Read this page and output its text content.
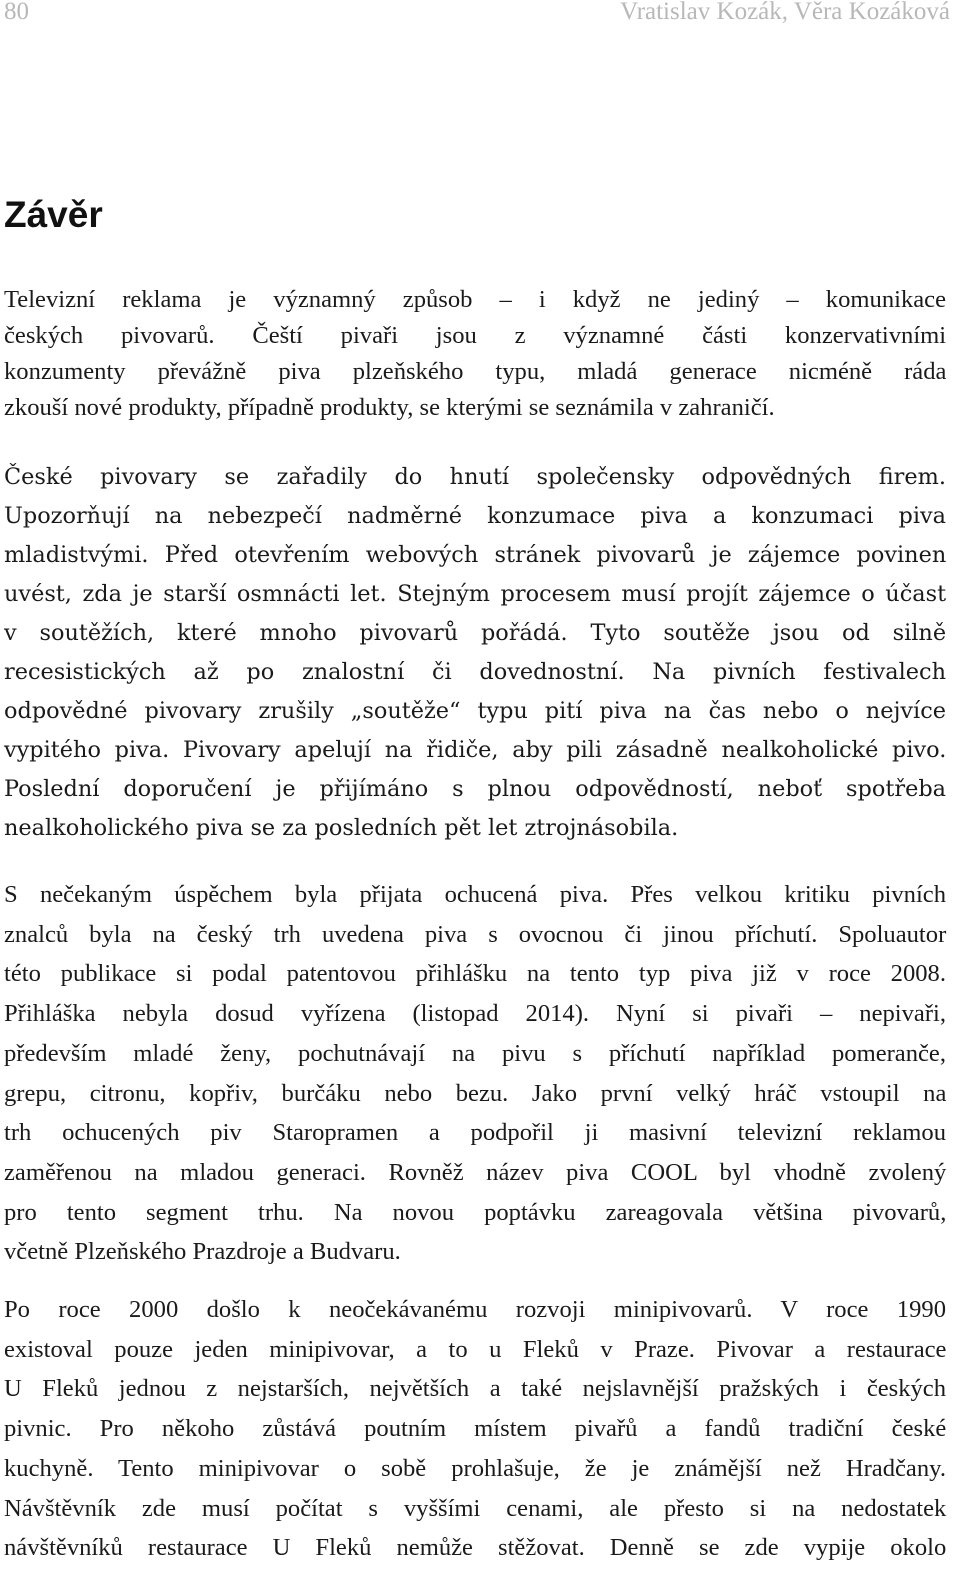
80	Vratislav Kozák, Věra Kozáková
Závěr

Televizní reklama je významný způsob – i když ne jediný – komunikace
českých pivovarů. Čeští pivaři jsou z významné části konzervativními
konzumenty převážně piva plzeňského typu, mladá generace nicméně ráda
zkouší nové produkty, případně produkty, se kterými se seznámila v zahraničí.

České pivovary se zařadily do hnutí společensky odpovědných firem.
Upozorňují na nebezpečí nadměrné konzumace piva a konzumaci piva
mladistvými. Před otevřením webových stránek pivovarů je zájemce povinen
uvést, zda je starší osmnácti let. Stejným procesem musí projít zájemce o účast
v soutěžích, které mnoho pivovarů pořádá. Tyto soutěže jsou od silně
recesistických až po znalostní či dovednostní. Na pivních festivalech
odpovědné pivovary zrušily „soutěže“ typu pití piva na čas nebo o nejvíce
vypitého piva. Pivovary apelují na řidiče, aby pili zásadně nealkoholické pivo.
Poslední doporučení je přijímáno s plnou odpovědností, neboť spotřeba
nealkoholického piva se za posledních pět let ztrojnásobila.

S nečekaným úspěchem byla přijata ochucená piva. Přes velkou kritiku pivních
znalců byla na český trh uvedena piva s ovocnou či jinou příchutí. Spoluautor
této publikace si podal patentovou přihlášku na tento typ piva již v roce 2008.
Přihláška nebyla dosud vyřízena (listopad 2014). Nyní si pivaři – nepivaři,
především mladé ženy, pochutnávají na pivu s příchutí například pomeranče,
grepu, citronu, kopřiv, burčáku nebo bezu. Jako první velký hráč vstoupil na
trh ochucených piv Staropramen a podpořil ji masivní televizní reklamou
zaměřenou na mladou generaci. Rovněž název piva COOL byl vhodně zvolený
pro tento segment trhu. Na novou poptávku zareagovala většina pivovarů,
včetně Plzeňského Prazdroje a Budvaru.

Po roce 2000 došlo k neočekávanému rozvoji minipivovarů. V roce 1990
existoval pouze jeden minipivovar, a to u Fleků v Praze. Pivovar a restaurace
U Fleků jednou z nejstarších, největších a také nejslavnější pražských i českých
pivnic. Pro někoho zůstává poutním místem pivařů a fandů tradiční české
kuchyně. Tento minipivovar o sobě prohlašuje, že je známější než Hradčany.
Návštěvník zde musí počítat s vyššími cenami, ale přesto si na nedostatek
návštěvníků restaurace U Fleků nemůže stěžovat. Denně se zde vypije okolo
